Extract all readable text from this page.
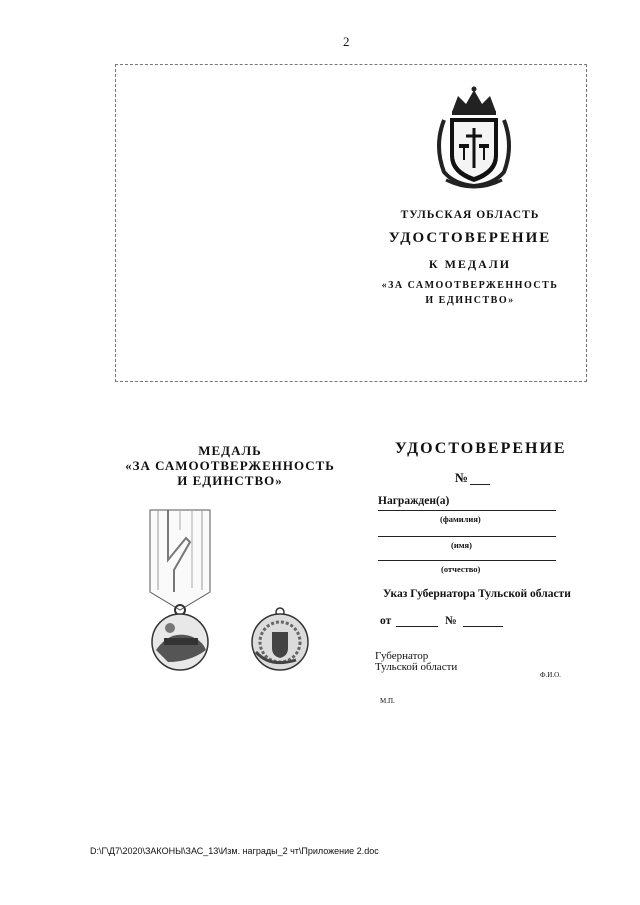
2
ТУЛЬСКАЯ ОБЛАСТЬ
УДОСТОВЕРЕНИЕ
К МЕДАЛИ
«ЗА САМООТВЕРЖЕННОСТЬ
И ЕДИНСТВО»
МЕДАЛЬ
«ЗА САМООТВЕРЖЕННОСТЬ
И ЕДИНСТВО»
УДОСТОВЕРЕНИЕ
№
Награжден(а)
(фамилия)
(имя)
(отчество)
Указ Губернатора Тульской области
от	№
Губернатор
Тульской области
Ф.И.О.
М.П.
D:\Г\Д7\2020\ЗАКОНЫ\ЗАС_13\Изм. награды_2 чт\Приложение 2.doc
